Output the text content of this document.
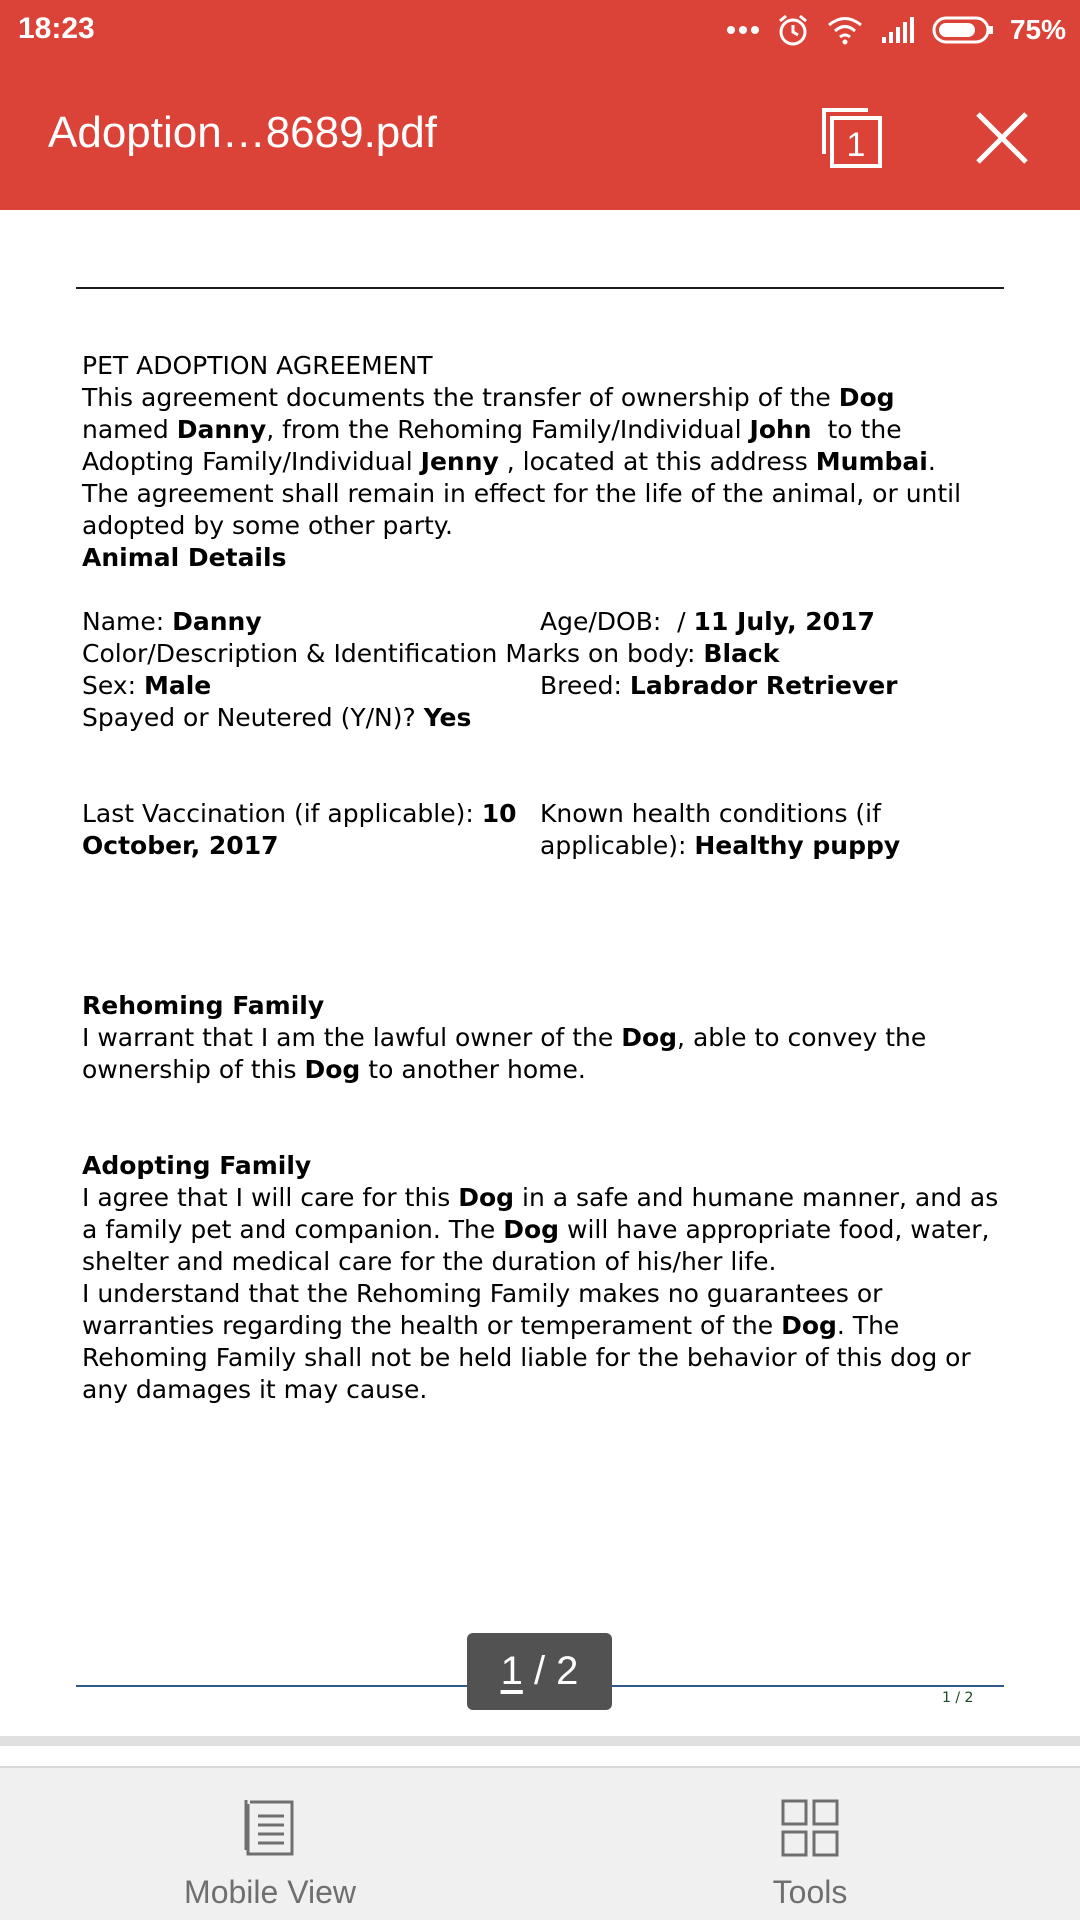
18:23	75%
Adoption…8689.pdf	1

PET ADOPTION AGREEMENT

This agreement documents the transfer of ownership of the Dog
named Danny, from the Rehoming Family/Individual John  to the
Adopting Family/Individual Jenny , located at this address Mumbai.

The agreement shall remain in effect for the life of the animal, or until adopted by some other party.

Animal Details

Name: Danny	Age/DOB:  / 11 July, 2017
Color/Description & Identification Marks on body: Black
Sex: Male	Breed: Labrador Retriever

Spayed or Neutered (Y/N)? Yes

Last Vaccination (if applicable): 10 October, 2017
Known health conditions (if applicable): Healthy puppy

Rehoming Family

I warrant that I am the lawful owner of the Dog, able to convey the ownership of this Dog to another home.

Adopting Family

I agree that I will care for this Dog in a safe and humane manner, and as a family pet and companion. The Dog will have appropriate food, water, shelter and medical care for the duration of his/her life.
I understand that the Rehoming Family makes no guarantees or warranties regarding the health or temperament of the Dog. The Rehoming Family shall not be held liable for the behavior of this dog or any damages it may cause.

1 / 2
1 / 2
Mobile View	Tools
